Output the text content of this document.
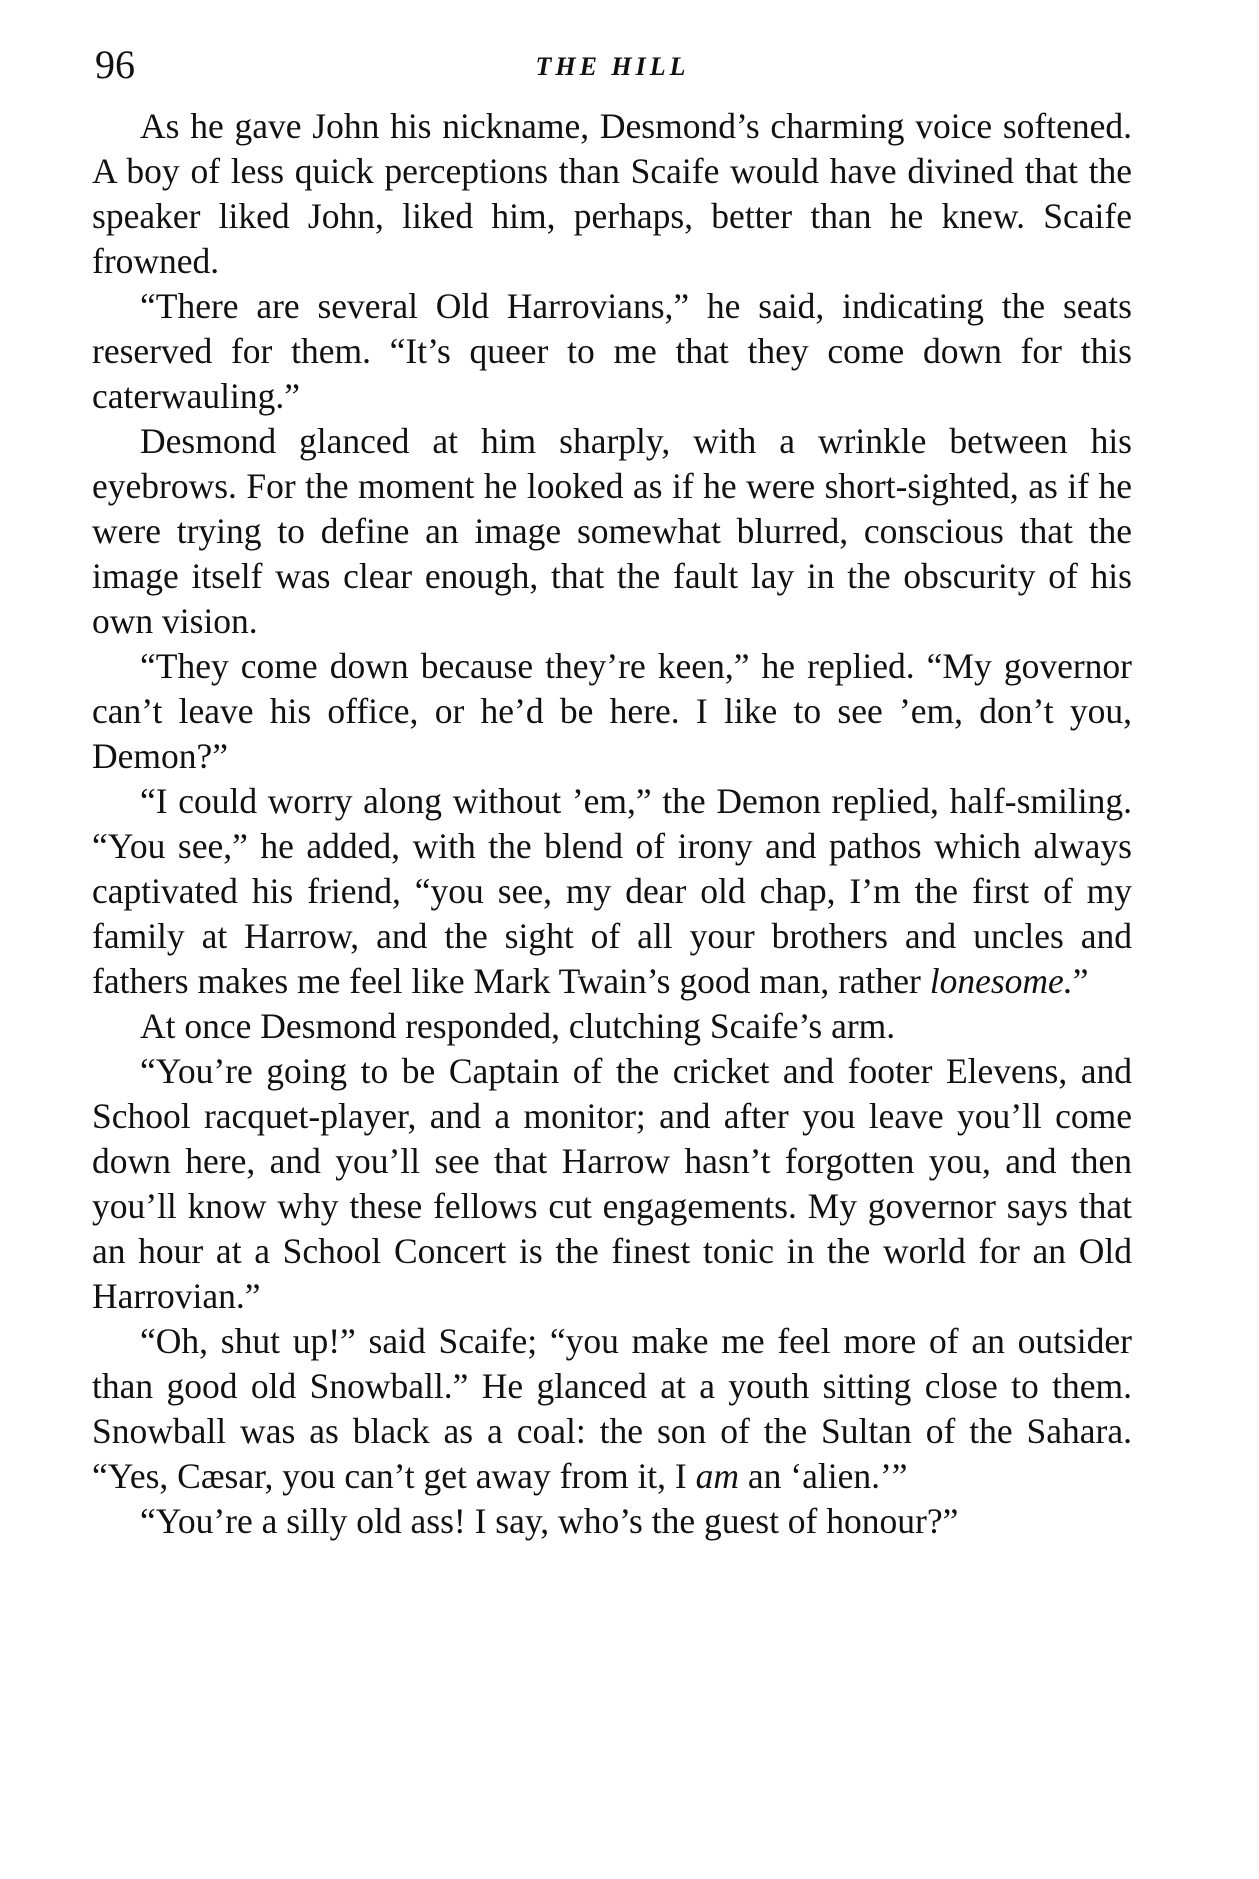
96	THE HILL

As he gave John his nickname, Desmond’s charming voice softened. A boy of less quick perceptions than Scaife would have divined that the speaker liked John, liked him, perhaps, better than he knew. Scaife frowned.

“There are several Old Harrovians,” he said, indicating the seats reserved for them. “It’s queer to me that they come down for this caterwauling.”

Desmond glanced at him sharply, with a wrinkle between his eyebrows. For the moment he looked as if he were short-sighted, as if he were trying to define an image somewhat blurred, conscious that the image itself was clear enough, that the fault lay in the obscurity of his own vision.

“They come down because they’re keen,” he replied. “My governor can’t leave his office, or he’d be here. I like to see ’em, don’t you, Demon?”

“I could worry along without ’em,” the Demon replied, half-smiling. “You see,” he added, with the blend of irony and pathos which always captivated his friend, “you see, my dear old chap, I’m the first of my family at Harrow, and the sight of all your brothers and uncles and fathers makes me feel like Mark Twain’s good man, rather lonesome.”

At once Desmond responded, clutching Scaife’s arm.

“You’re going to be Captain of the cricket and footer Elevens, and School racquet-player, and a monitor; and after you leave you’ll come down here, and you’ll see that Harrow hasn’t forgotten you, and then you’ll know why these fellows cut engagements. My governor says that an hour at a School Concert is the finest tonic in the world for an Old Harrovian.”

“Oh, shut up!” said Scaife; “you make me feel more of an outsider than good old Snowball.” He glanced at a youth sitting close to them. Snowball was as black as a coal: the son of the Sultan of the Sahara. “Yes, Cæsar, you can’t get away from it, I am an ‘alien.’”

“You’re a silly old ass! I say, who’s the guest of honour?”
